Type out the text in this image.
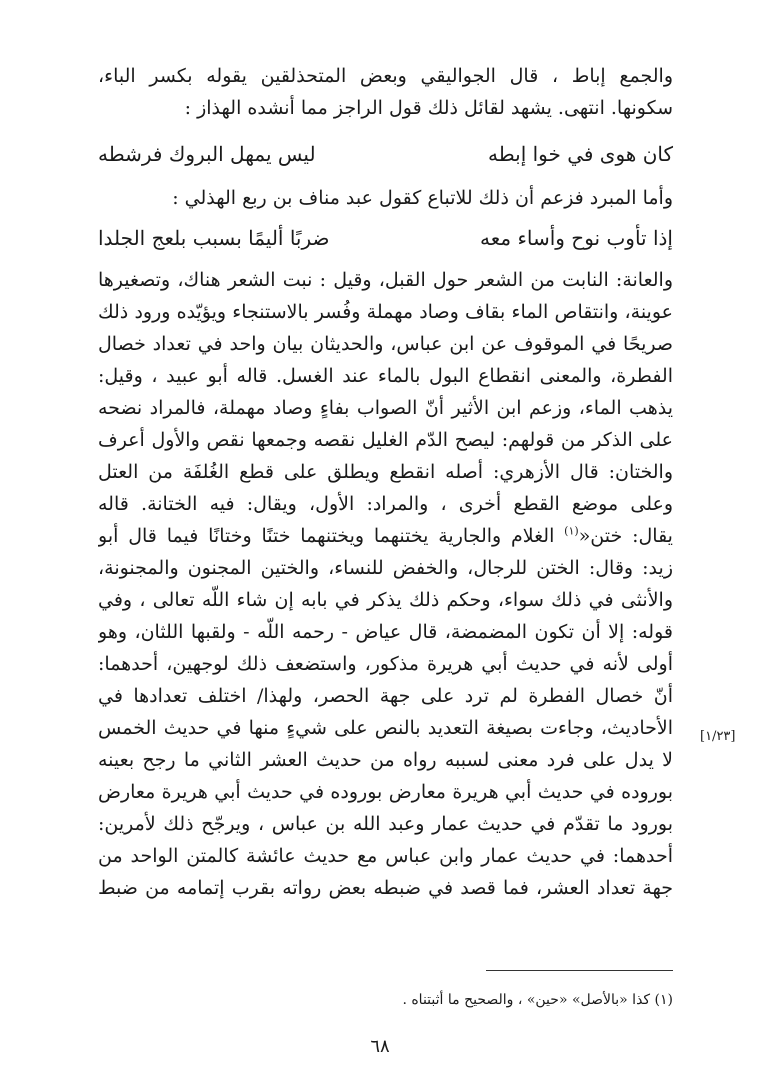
والجمع إباط ، قال الجواليقي وبعض المتحذلقين يقوله بكسر الباء،
سكونها. انتهى. يشهد لقائل ذلك قول الراجز مما أنشده الهذاز :
كان هوى في خوا إبطه
ليس يمهل البروك فرشطه
وأما المبرد فزعم أن ذلك للاتباع كقول عبد مناف بن ربع الهذلي :
إذا تأوب نوح وأساء معه
ضربًا أليمًا بسبب بلعج الجلدا
والعانة: النابت من الشعر حول القبل، وقيل : نبت الشعر هناك، وتصغيرها
عوينة، وانتقاص الماء بقاف وصاد مهملة وفُسر بالاستنجاء ويؤيّده ورود ذلك
صريحًا في الموقوف عن ابن عباس، والحديثان بيان واحد في تعداد خصال
الفطرة، والمعنى انقطاع البول بالماء عند الغسل. قاله أبو عبيد ، وقيل:
يذهب الماء، وزعم ابن الأثير أنّ الصواب بفاءٍ وصاد مهملة، فالمراد نضحه
على الذكر من قولهم: ليصح الدّم الغليل نقصه وجمعها نقص والأول أعرف
والختان: قال الأزهري: أصله انقطع ويطلق على قطع الغُلفَة من العتل
وعلى موضع القطع أخرى ، والمراد: الأول، ويقال: فيه الختانة. قاله
يقال: ختن«$^{(١)}$ الغلام والجارية يختنهما ويختنهما ختنًا وختانًا فيما قال أبو
زيد: وقال: الختن للرجال، والخفض للنساء، والختين المجنون والمجنونة،
والأنثى في ذلك سواء، وحكم ذلك يذكر في بابه إن شاء اللّه تعالى ، وفي
قوله: إلا أن تكون المضمضة، قال عياض - رحمه اللّه - ولقبها اللثان، وهو
أولى لأنه في حديث أبي هريرة مذكور، واستضعف ذلك لوجهين، أحدهما:
أنّ خصال الفطرة لم ترد على جهة الحصر، ولهذا/ اختلف تعدادها في
الأحاديث، وجاءت بصيغة التعديد بالنص على شيءٍ منها في حديث الخمس
لا يدل على فرد معنى لسببه رواه من حديث العشر الثاني ما رجح بعينه
بوروده في حديث أبي هريرة معارض بوروده في حديث أبي هريرة معارض
بورود ما تقدّم في حديث عمار وعبد الله بن عباس ، ويرجّح ذلك لأمرين:
أحدهما: في حديث عمار وابن عباس مع حديث عائشة كالمتن الواحد من
جهة تعداد العشر، فما قصد في ضبطه بعض رواته بقرب إتمامه من ضبط
[١/٢٣]
(١) كذا «بالأصل» «حين» ، والصحيح ما أثبتناه .
٦٨
